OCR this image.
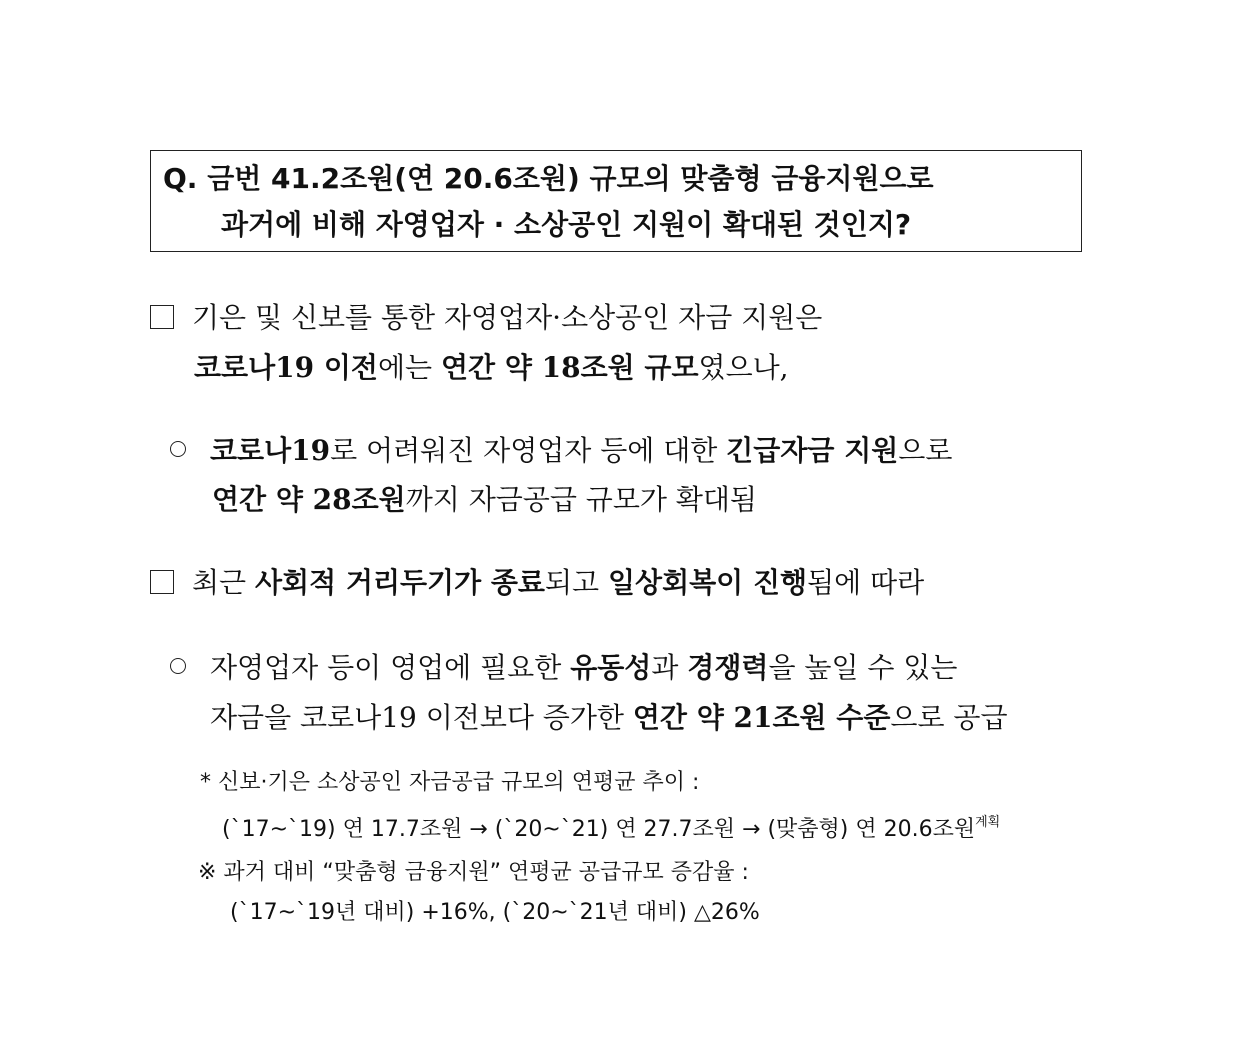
Q. 금번 41.2조원(연 20.6조원) 규모의 맞춤형 금융지원으로
과거에 비해 자영업자 · 소상공인 지원이 확대된 것인지?
기은 및 신보를 통한 자영업자·소상공인 자금 지원은
코로나19 이전에는 연간 약 18조원 규모였으나,
코로나19로 어려워진 자영업자 등에 대한 긴급자금 지원으로
연간 약 28조원까지 자금공급 규모가 확대됨
최근 사회적 거리두기가 종료되고 일상회복이 진행됨에 따라
자영업자 등이 영업에 필요한 유동성과 경쟁력을 높일 수 있는
자금을 코로나19 이전보다 증가한 연간 약 21조원 수준으로 공급
* 신보·기은 소상공인 자금공급 규모의 연평균 추이 :
(`17~`19) 연 17.7조원 → (`20~`21) 연 27.7조원 → (맞춤형) 연 20.6조원$^{계획}$
※ 과거 대비 “맞춤형 금융지원” 연평균 공급규모 증감율 :
(`17~`19년 대비) +16%, (`20~`21년 대비) △26%
